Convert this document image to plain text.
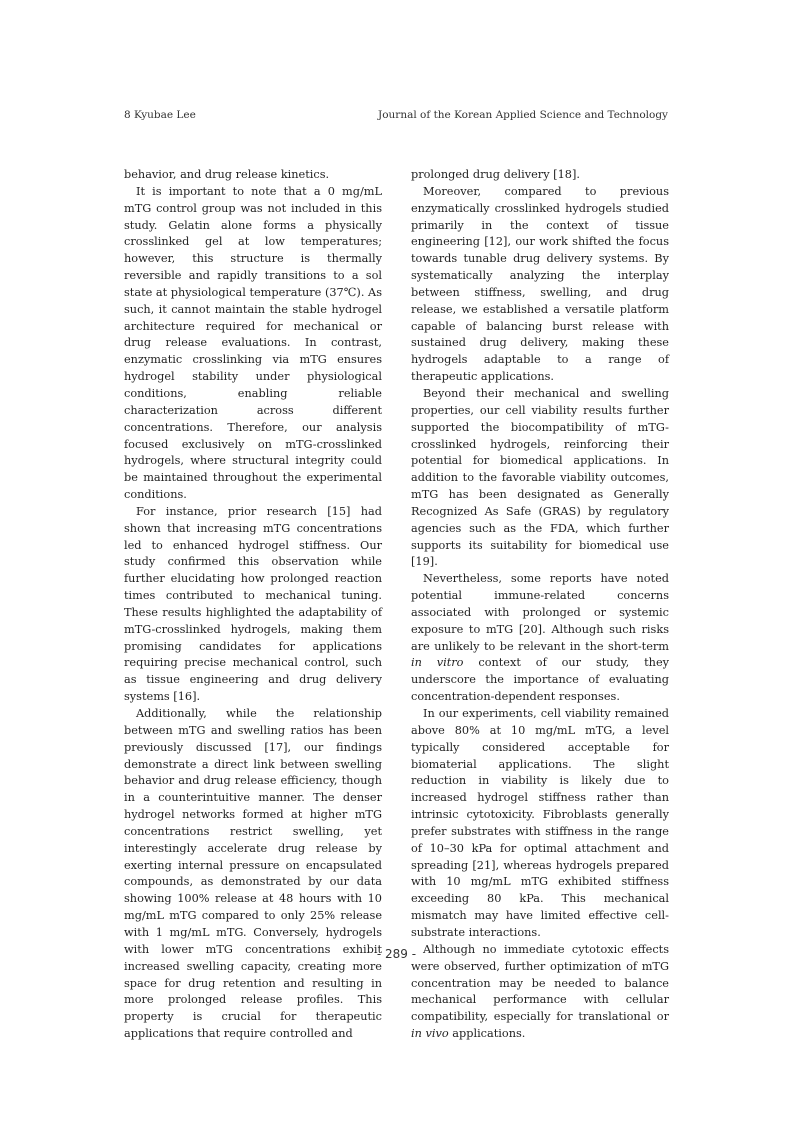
8 Kyubae Lee	Journal of the Korean Applied Science and Technology

behavior, and drug release kinetics.

It is important to note that a 0 mg/mL mTG control group was not included in this study. Gelatin alone forms a physically crosslinked gel at low temperatures; however, this structure is thermally reversible and rapidly transitions to a sol state at physiological temperature (37℃). As such, it cannot maintain the stable hydrogel architecture required for mechanical or drug release evaluations. In contrast, enzymatic crosslinking via mTG ensures hydrogel stability under physiological conditions, enabling reliable characterization across different concentrations. Therefore, our analysis focused exclusively on mTG-crosslinked hydrogels, where structural integrity could be maintained throughout the experimental conditions.

For instance, prior research [15] had shown that increasing mTG concentrations led to enhanced hydrogel stiffness. Our study confirmed this observation while further elucidating how prolonged reaction times contributed to mechanical tuning. These results highlighted the adaptability of mTG-crosslinked hydrogels, making them promising candidates for applications requiring precise mechanical control, such as tissue engineering and drug delivery systems [16].

Additionally, while the relationship between mTG and swelling ratios has been previously discussed [17], our findings demonstrate a direct link between swelling behavior and drug release efficiency, though in a counterintuitive manner. The denser hydrogel networks formed at higher mTG concentrations restrict swelling, yet interestingly accelerate drug release by exerting internal pressure on encapsulated compounds, as demonstrated by our data showing 100% release at 48 hours with 10 mg/mL mTG compared to only 25% release with 1 mg/mL mTG. Conversely, hydrogels with lower mTG concentrations exhibit increased swelling capacity, creating more space for drug retention and resulting in more prolonged release profiles. This property is crucial for therapeutic applications that require controlled and

prolonged drug delivery [18].

Moreover, compared to previous enzymatically crosslinked hydrogels studied primarily in the context of tissue engineering [12], our work shifted the focus towards tunable drug delivery systems. By systematically analyzing the interplay between stiffness, swelling, and drug release, we established a versatile platform capable of balancing burst release with sustained drug delivery, making these hydrogels adaptable to a range of therapeutic applications.

Beyond their mechanical and swelling properties, our cell viability results further supported the biocompatibility of mTG-crosslinked hydrogels, reinforcing their potential for biomedical applications. In addition to the favorable viability outcomes, mTG has been designated as Generally Recognized As Safe (GRAS) by regulatory agencies such as the FDA, which further supports its suitability for biomedical use [19].

Nevertheless, some reports have noted potential immune-related concerns associated with prolonged or systemic exposure to mTG [20]. Although such risks are unlikely to be relevant in the short-term in vitro context of our study, they underscore the importance of evaluating concentration-dependent responses.

In our experiments, cell viability remained above 80% at 10 mg/mL mTG, a level typically considered acceptable for biomaterial applications. The slight reduction in viability is likely due to increased hydrogel stiffness rather than intrinsic cytotoxicity. Fibroblasts generally prefer substrates with stiffness in the range of 10–30 kPa for optimal attachment and spreading [21], whereas hydrogels prepared with 10 mg/mL mTG exhibited stiffness exceeding 80 kPa. This mechanical mismatch may have limited effective cell-substrate interactions.

Although no immediate cytotoxic effects were observed, further optimization of mTG concentration may be needed to balance mechanical performance with cellular compatibility, especially for translational or in vivo applications.

- 289 -
